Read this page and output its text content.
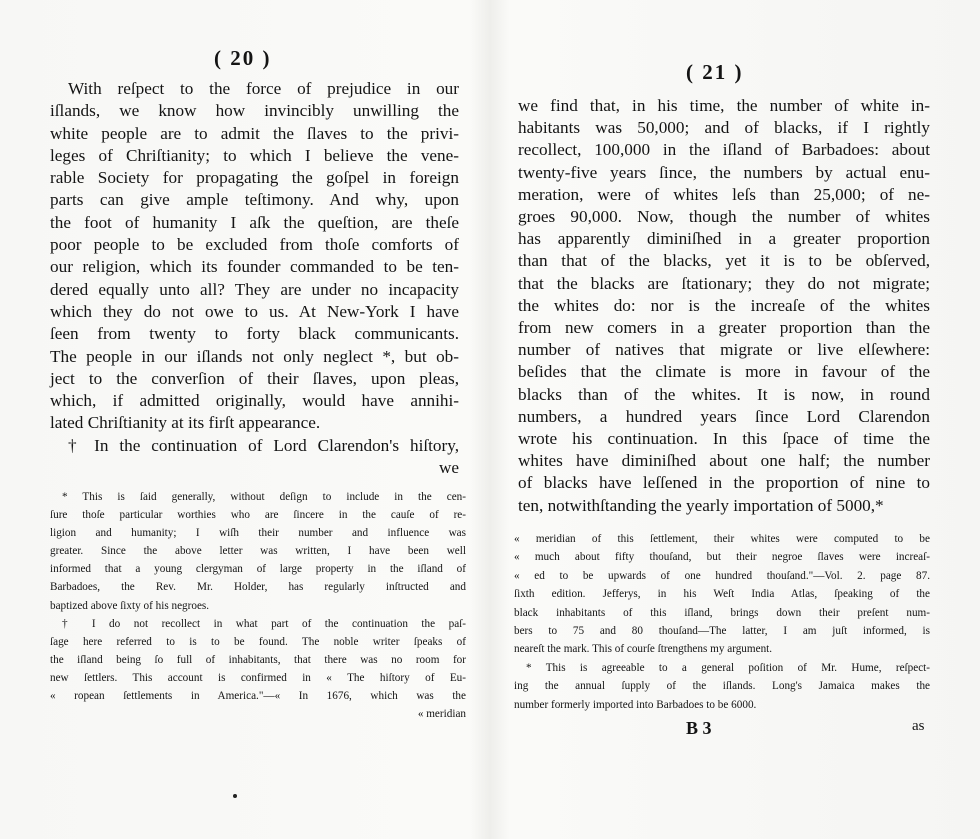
( 20 )
With reſpect to the force of prejudice in our
iſlands, we know how invincibly unwilling the
white people are to admit the ſlaves to the privi-
leges of Chriſtianity; to which I believe the vene-
rable Society for propagating the goſpel in foreign
parts can give ample teſtimony. And why, upon
the foot of humanity I aſk the queſtion, are theſe
poor people to be excluded from thoſe comforts of
our religion, which its founder commanded to be ten-
dered equally unto all? They are under no incapacity
which they do not owe to us. At New-York I have
ſeen from twenty to forty black communicants.
The people in our iſlands not only neglect *, but ob-
ject to the converſion of their ſlaves, upon pleas,
which, if admitted originally, would have annihi-
lated Chriſtianity at its firſt appearance.
† In the continuation of Lord Clarendon's hiſtory,
we
* This is ſaid generally, without deſign to include in the cen-
ſure thoſe particular worthies who are ſincere in the cauſe of re-
ligion and humanity; I wiſh their number and influence was
greater. Since the above letter was written, I have been well
informed that a young clergyman of large property in the iſland of
Barbadoes, the Rev. Mr. Holder, has regularly inſtructed and
baptized above ſixty of his negroes.
† I do not recollect in what part of the continuation the paſ-
ſage here referred to is to be found. The noble writer ſpeaks of
the iſland being ſo full of inhabitants, that there was no room for
new ſettlers. This account is confirmed in « The hiſtory of Eu-
« ropean ſettlements in America."—« In 1676, which was the
« meridian
( 21 )
we find that, in his time, the number of white in-
habitants was 50,000; and of blacks, if I rightly
recollect, 100,000 in the iſland of Barbadoes: about
twenty-five years ſince, the numbers by actual enu-
meration, were of whites leſs than 25,000; of ne-
groes 90,000. Now, though the number of whites
has apparently diminiſhed in a greater proportion
than that of the blacks, yet it is to be obſerved,
that the blacks are ſtationary; they do not migrate;
the whites do: nor is the increaſe of the whites
from new comers in a greater proportion than the
number of natives that migrate or live elſewhere:
beſides that the climate is more in favour of the
blacks than of the whites. It is now, in round
numbers, a hundred years ſince Lord Clarendon
wrote his continuation. In this ſpace of time the
whites have diminiſhed about one half; the number
of blacks have leſſened in the proportion of nine to
ten, notwithſtanding the yearly importation of 5000,*
« meridian of this ſettlement, their whites were computed to be
« much about fifty thouſand, but their negroe ſlaves were increaſ-
« ed to be upwards of one hundred thouſand."—Vol. 2. page 87.
ſixth edition. Jefferys, in his Weſt India Atlas, ſpeaking of the
black inhabitants of this iſland, brings down their preſent num-
bers to 75 and 80 thouſand—The latter, I am juſt informed, is
neareſt the mark. This of courſe ſtrengthens my argument.
* This is agreeable to a general poſition of Mr. Hume, reſpect-
ing the annual ſupply of the iſlands. Long's Jamaica makes the
number formerly imported into Barbadoes to be 6000.
B 3	as
